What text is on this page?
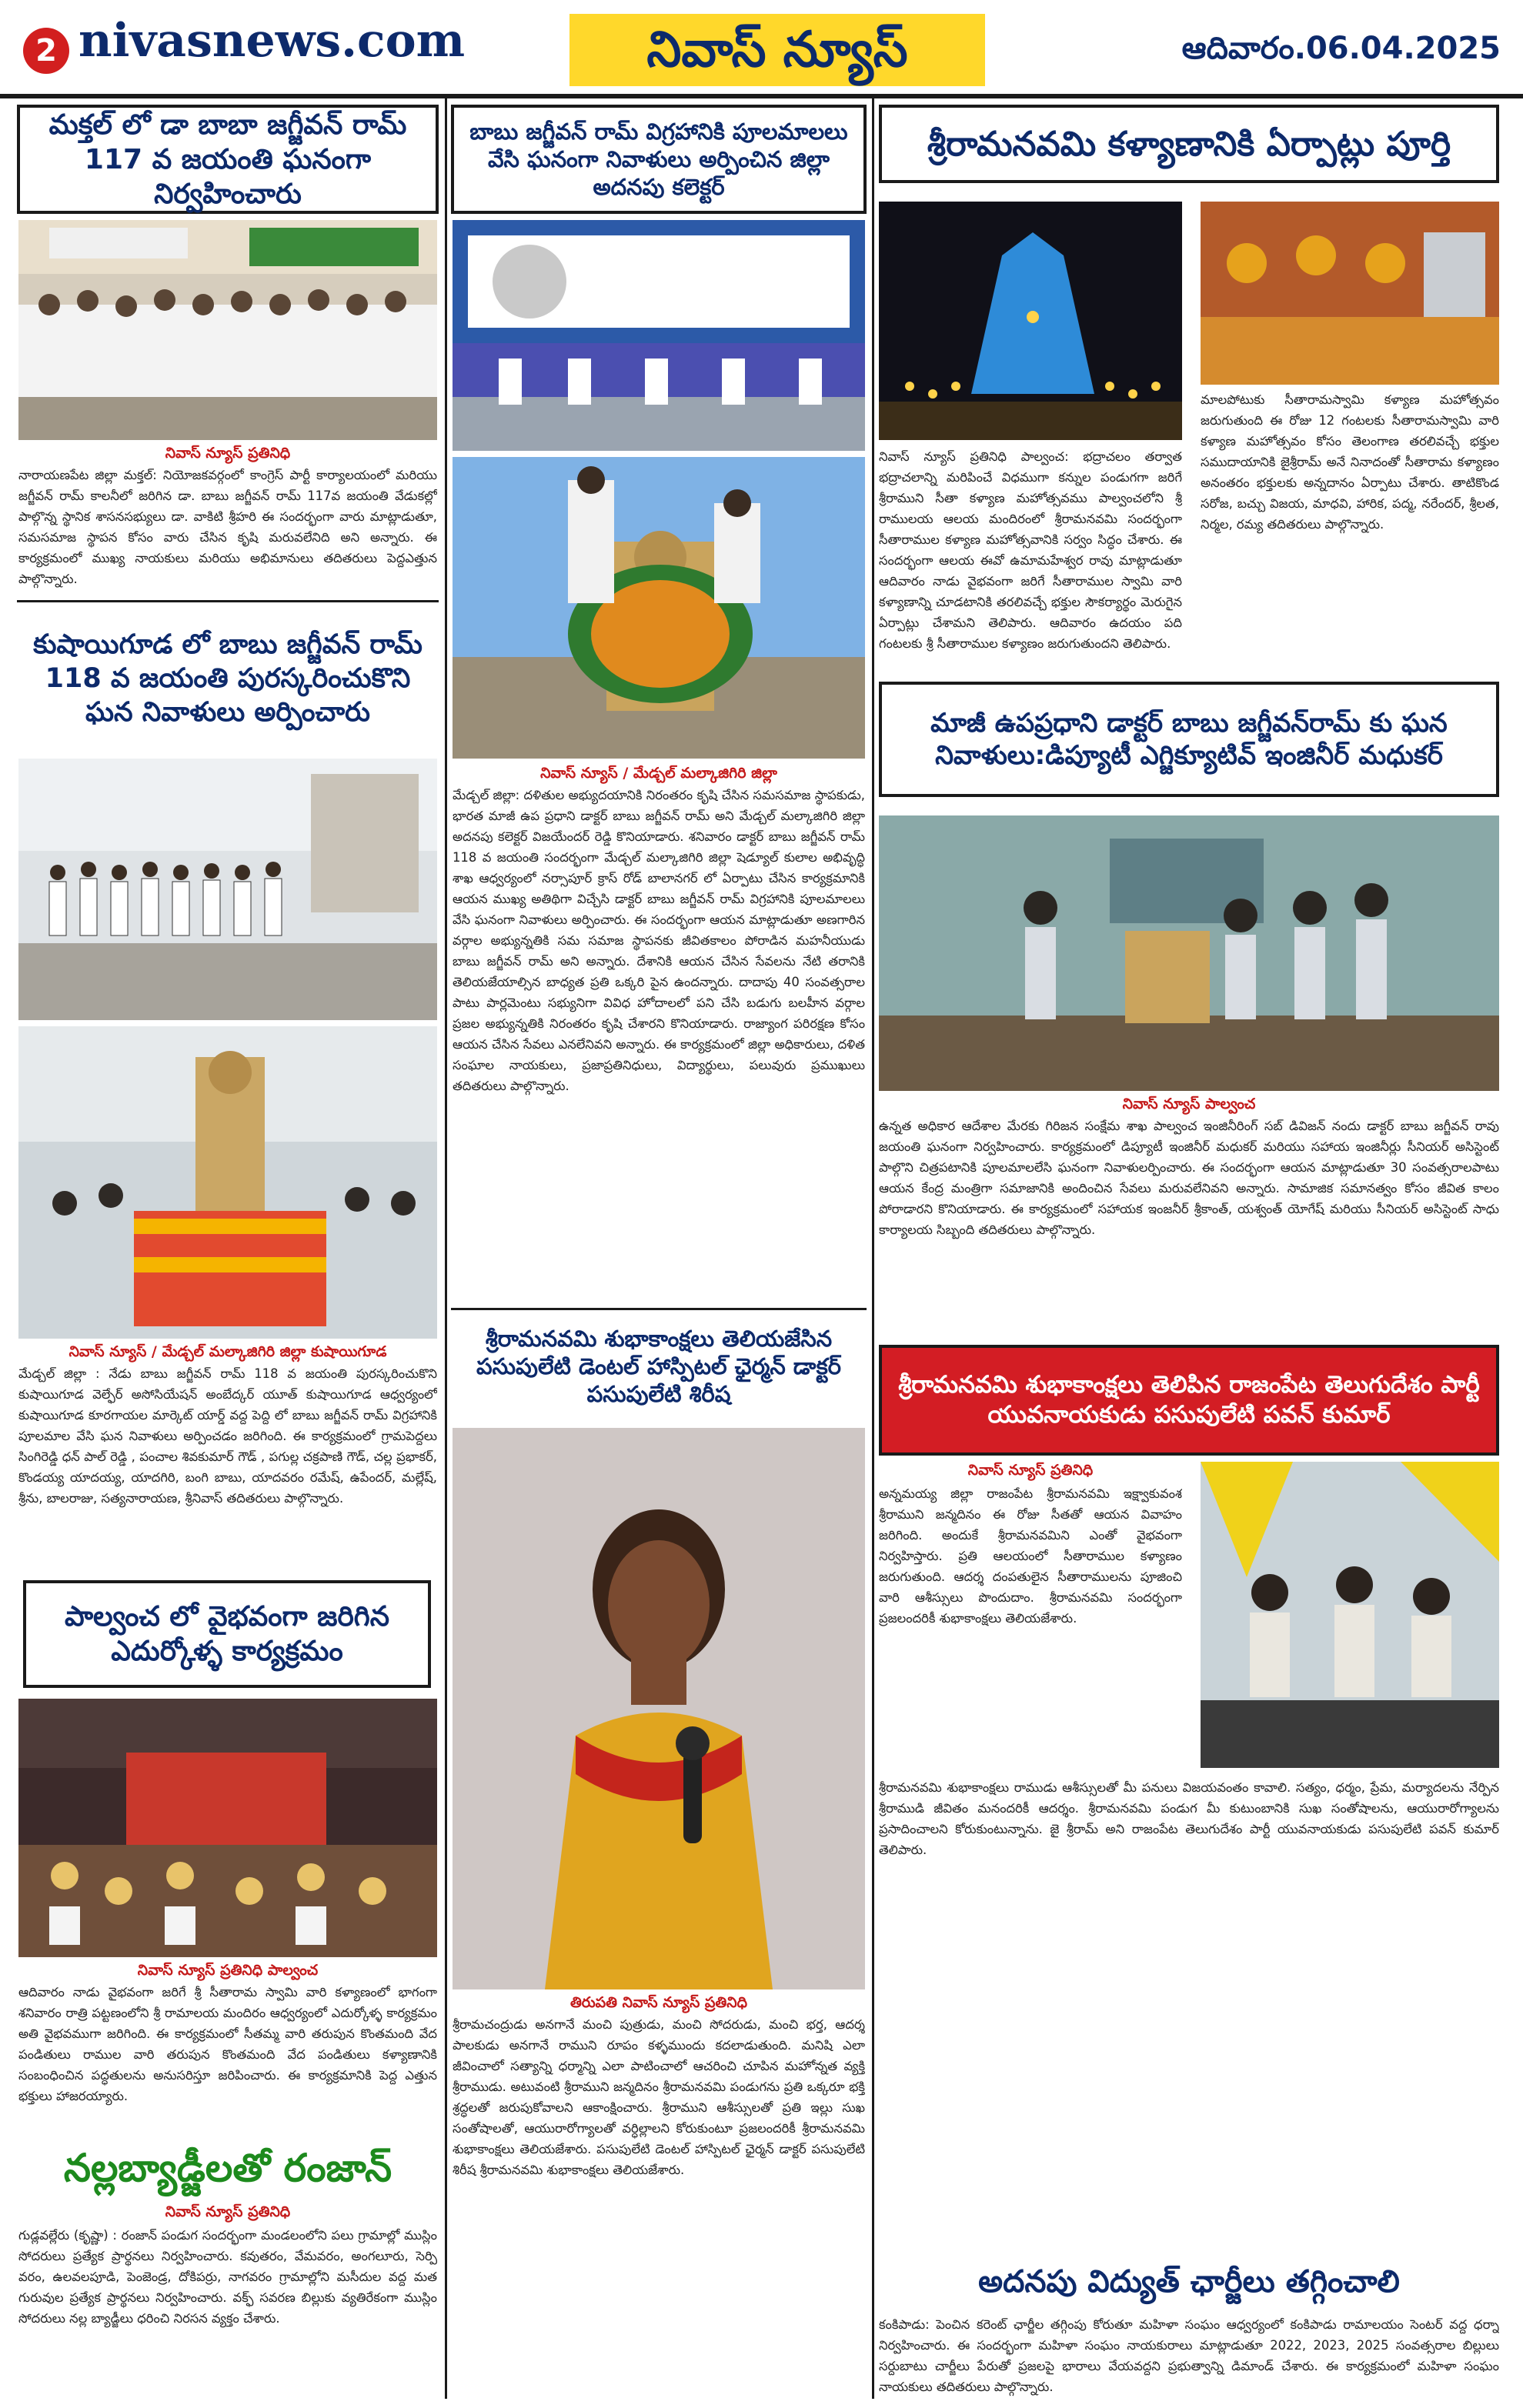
2 nivasnews.com	నివాస్ న్యూస్	ఆదివారం.06.04.2025
మక్తల్ లో డా బాబా జగ్జీవన్ రామ్ 117 వ జయంతి ఘనంగా నిర్వహించారు
నివాస్ న్యూస్ ప్రతినిధి
నారాయణపేట జిల్లా మక్తల్: నియోజకవర్గంలో కాంగ్రెస్ పార్టీ కార్యాలయంలో మరియు జగ్జీవన్ రామ్ కాలనీలో జరిగిన డా. బాబు జగ్జీవన్ రామ్ 117వ జయంతి వేడుకల్లో పాల్గొన్న స్థానిక శాసనసభ్యులు డా. వాకిటి శ్రీహరి ఈ సందర్భంగా వారు మాట్లాడుతూ, సమసమాజ స్థాపన కోసం వారు చేసిన కృషి మరువలేనిది అని అన్నారు. ఈ కార్యక్రమంలో ముఖ్య నాయకులు మరియు అభిమానులు తదితరులు పెద్దఎత్తున పాల్గొన్నారు.
కుషాయిగూడ లో బాబు జగ్జీవన్ రామ్ 118 వ జయంతి పురస్కరించుకొని ఘన నివాళులు అర్పించారు
నివాస్ న్యూస్ / మేడ్చల్ మల్కాజిగిరి జిల్లా కుషాయిగూడ
మేడ్చల్ జిల్లా : నేడు బాబు జగ్జీవన్ రామ్ 118 వ జయంతి పురస్కరించుకొని కుషాయిగూడ వెల్ఫేర్ అసోసియేషన్ అంబేద్కర్ యూత్ కుషాయిగూడ ఆధ్వర్యంలో కుషాయిగూడ కూరగాయల మార్కెట్ యార్డ్ వద్ద పెద్ది లో బాబు జగ్జీవన్ రామ్ విగ్రహానికి పూలమాల వేసి ఘన నివాళులు అర్పించడం జరిగింది. ఈ కార్యక్రమంలో గ్రామపెద్దలు సింగిరెడ్డి ధన్ పాల్ రెడ్డి , పంచాల శివకుమార్ గౌడ్ , పగుల్ల చక్రపాణి గౌడ్, చల్ల ప్రభాకర్, కొండయ్య యాదయ్య, యాదగిరి, బంగి బాబు, యాదవరం రమేష్, ఉపేందర్, మల్లేష్, శ్రీను, బాలరాజు, సత్యనారాయణ, శ్రీనివాస్ తదితరులు పాల్గొన్నారు.
పాల్వంచ లో వైభవంగా జరిగిన ఎదుర్కోళ్ళ కార్యక్రమం
నివాస్ న్యూస్ ప్రతినిధి పాల్వంచ
ఆదివారం నాడు వైభవంగా జరిగే శ్రీ సీతారామ స్వామి వారి కళ్యాణంలో భాగంగా శనివారం రాత్రి పట్టణంలోని శ్రీ రామాలయ మందిరం ఆధ్వర్యంలో ఎదుర్కోళ్ళ కార్యక్రమం అతి వైభవముగా జరిగింది. ఈ కార్యక్రమంలో సీతమ్మ వారి తరుపున కొంతమంది వేద పండితులు రాముల వారి తరుపున కొంతమంది వేద పండితులు కళ్యాణానికి సంబంధించిన పద్ధతులను అనుసరిస్తూ జరిపించారు. ఈ కార్యక్రమానికి పెద్ద ఎత్తున భక్తులు హాజరయ్యారు.
నల్లబ్యాడ్జీలతో రంజాన్
నివాస్ న్యూస్ ప్రతినిధి
గుడ్లవల్లేరు (కృష్ణా) : రంజాన్ పండుగ సందర్భంగా మండలంలోని పలు గ్రామాల్లో ముస్లిం సోదరులు ప్రత్యేక ప్రార్థనలు నిర్వహించారు. కవుతరం, వేమవరం, అంగలూరు, సెర్పి వరం, ఉలవలపూడి, పెంజెండ్ర, దోకిపర్రు, నాగవరం గ్రామాల్లోని మసీదుల వద్ద మత గురువుల ప్రత్యేక ప్రార్థనలు నిర్వహించారు. వక్ఫ్ సవరణ బిల్లుకు వ్యతిరేకంగా ముస్లిం సోదరులు నల్ల బ్యాడ్జీలు ధరించి నిరసన వ్యక్తం చేశారు.
బాబు జగ్జీవన్ రామ్ విగ్రహానికి పూలమాలలు వేసి ఘనంగా నివాళులు అర్పించిన జిల్లా అదనపు కలెక్టర్
నివాస్ న్యూస్ / మేడ్చల్ మల్కాజిగిరి జిల్లా
మేడ్చల్ జిల్లా: దళితుల అభ్యుదయానికి నిరంతరం కృషి చేసిన సమసమాజ స్థాపకుడు, భారత మాజీ ఉప ప్రధాని డాక్టర్ బాబు జగ్జీవన్ రామ్ అని మేడ్చల్ మల్కాజిగిరి జిల్లా అదనపు కలెక్టర్ విజయేందర్ రెడ్డి కొనియాడారు. శనివారం డాక్టర్ బాబు జగ్జీవన్ రామ్ 118 వ జయంతి సందర్భంగా మేడ్చల్ మల్కాజిగిరి జిల్లా షెడ్యూల్ కులాల అభివృద్ధి శాఖ ఆధ్వర్యంలో నర్సాపూర్ క్రాస్ రోడ్ బాలానగర్ లో ఏర్పాటు చేసిన కార్యక్రమానికి ఆయన ముఖ్య అతిథిగా విచ్చేసి డాక్టర్ బాబు జగ్జీవన్ రామ్ విగ్రహానికి పూలమాలలు వేసి ఘనంగా నివాళులు అర్పించారు. ఈ సందర్భంగా ఆయన మాట్లాడుతూ అణగారిన వర్గాల అభ్యున్నతికి సమ సమాజ స్థాపనకు జీవితకాలం పోరాడిన మహనీయుడు బాబు జగ్జీవన్ రామ్ అని అన్నారు. దేశానికి ఆయన చేసిన సేవలను నేటి తరానికి తెలియజేయాల్సిన బాధ్యత ప్రతి ఒక్కరి పైన ఉందన్నారు. దాదాపు 40 సంవత్సరాల పాటు పార్లమెంటు సభ్యునిగా వివిధ హోదాలలో పని చేసి బడుగు బలహీన వర్గాల ప్రజల అభ్యున్నతికి నిరంతరం కృషి చేశారని కొనియాడారు. రాజ్యాంగ పరిరక్షణ కోసం ఆయన చేసిన సేవలు ఎనలేనివని అన్నారు. ఈ కార్యక్రమంలో జిల్లా అధికారులు, దళిత సంఘాల నాయకులు, ప్రజాప్రతినిధులు, విద్యార్థులు, పలువురు ప్రముఖులు తదితరులు పాల్గొన్నారు.
శ్రీరామనవమి శుభాకాంక్షలు తెలియజేసిన పసుపులేటి డెంటల్ హాస్పిటల్ ఛైర్మన్ డాక్టర్ పసుపులేటి శిరీష
తిరుపతి నివాస్ న్యూస్ ప్రతినిధి
శ్రీరామచంద్రుడు అనగానే మంచి పుత్రుడు, మంచి సోదరుడు, మంచి భర్త, ఆదర్శ పాలకుడు అనగానే రాముని రూపం కళ్ళముందు కదలాడుతుంది. మనిషి ఎలా జీవించాలో సత్యాన్ని ధర్మాన్ని ఎలా పాటించాలో ఆచరించి చూపిన మహోన్నత వ్యక్తి శ్రీరాముడు. అటువంటి శ్రీరాముని జన్మదినం శ్రీరామనవమి పండుగను ప్రతి ఒక్కరూ భక్తి శ్రద్ధలతో జరుపుకోవాలని ఆకాంక్షించారు. శ్రీరాముని ఆశీస్సులతో ప్రతి ఇల్లు సుఖ సంతోషాలతో, ఆయురారోగ్యాలతో వర్ధిల్లాలని కోరుకుంటూ ప్రజలందరికీ శ్రీరామనవమి శుభాకాంక్షలు తెలియజేశారు. పసుపులేటి డెంటల్ హాస్పిటల్ ఛైర్మన్ డాక్టర్ పసుపులేటి శిరీష శ్రీరామనవమి శుభాకాంక్షలు తెలియజేశారు.
శ్రీరామనవమి కళ్యాణానికి ఏర్పాట్లు పూర్తి
నివాస్ న్యూస్ ప్రతినిధి పాల్వంచ: భద్రాచలం తర్వాత భద్రాచలాన్ని మరిపించే విధముగా కన్నుల పండుగగా జరిగే శ్రీరాముని సీతా కళ్యాణ మహోత్సవము పాల్వంచలోని శ్రీ రాములయ ఆలయ మందిరంలో శ్రీరామనవమి సందర్భంగా సీతారాముల కళ్యాణ మహోత్సవానికి సర్వం సిద్ధం చేశారు. ఈ సందర్భంగా ఆలయ ఈవో ఉమామహేశ్వర రావు మాట్లాడుతూ ఆదివారం నాడు వైభవంగా జరిగే సీతారాముల స్వామి వారి కళ్యాణాన్ని చూడటానికి తరలివచ్చే భక్తుల సౌకర్యార్థం మెరుగైన ఏర్పాట్లు చేశామని తెలిపారు. ఆదివారం ఉదయం పది గంటలకు శ్రీ సీతారాముల కళ్యాణం జరుగుతుందని తెలిపారు.
మాలపోటుకు సీతారామస్వామి కళ్యాణ మహోత్సవం జరుగుతుంది ఈ రోజు 12 గంటలకు సీతారామస్వామి వారి కళ్యాణ మహోత్సవం కోసం తెలంగాణ తరలివచ్చే భక్తుల సముదాయానికి జైశ్రీరామ్ అనే నినాదంతో సీతారామ కళ్యాణం అనంతరం భక్తులకు అన్నదానం ఏర్పాటు చేశారు. తాటికొండ సరోజ, బచ్చు విజయ, మాధవి, హారిక, పద్మ, నరేందర్, శ్రీలత, నిర్మల, రమ్య తదితరులు పాల్గొన్నారు.
మాజీ ఉపప్రధాని డాక్టర్ బాబు జగ్జీవన్‌రామ్ కు ఘన నివాళులు:డిప్యూటీ ఎగ్జిక్యూటివ్ ఇంజినీర్ మధుకర్
నివాస్ న్యూస్ పాల్వంచ
ఉన్నత అధికార ఆదేశాల మేరకు గిరిజన సంక్షేమ శాఖ పాల్వంచ ఇంజినీరింగ్ సబ్ డివిజన్ నందు డాక్టర్ బాబు జగ్జీవన్ రావు జయంతి ఘనంగా నిర్వహించారు. కార్యక్రమంలో డిప్యూటీ ఇంజినీర్ మధుకర్ మరియు సహాయ ఇంజినీర్లు సీనియర్ అసిస్టెంట్ పాల్గొని చిత్రపటానికి పూలమాలలేసి ఘనంగా నివాళులర్పించారు. ఈ సందర్భంగా ఆయన మాట్లాడుతూ 30 సంవత్సరాలపాటు ఆయన కేంద్ర మంత్రిగా సమాజానికి అందించిన సేవలు మరువలేనివని అన్నారు. సామాజిక సమానత్వం కోసం జీవిత కాలం పోరాడారని కొనియాడారు. ఈ కార్యక్రమంలో సహాయక ఇంజనీర్ శ్రీకాంత్, యశ్వంత్ యోగేష్ మరియు సీనియర్ అసిస్టెంట్ సాధు కార్యాలయ సిబ్బంది తదితరులు పాల్గొన్నారు.
శ్రీరామనవమి శుభాకాంక్షలు తెలిపిన రాజంపేట తెలుగుదేశం పార్టీ యువనాయకుడు పసుపులేటి పవన్ కుమార్
నివాస్ న్యూస్ ప్రతినిధి
అన్నమయ్య జిల్లా రాజంపేట శ్రీరామనవమి ఇక్ష్వాకువంశ శ్రీరాముని జన్మదినం ఈ రోజు సీతతో ఆయన వివాహం జరిగింది. అందుకే శ్రీరామనవమిని ఎంతో వైభవంగా నిర్వహిస్తారు. ప్రతి ఆలయంలో సీతారాముల కళ్యాణం జరుగుతుంది. ఆదర్శ దంపతులైన సీతారాములను పూజించి వారి ఆశీస్సులు పొందుదాం. శ్రీరామనవమి సందర్భంగా ప్రజలందరికీ శుభాకాంక్షలు తెలియజేశారు.
శ్రీరామనవమి శుభాకాంక్షలు రాముడు ఆశీస్సులతో మీ పనులు విజయవంతం కావాలి. సత్యం, ధర్మం, ప్రేమ, మర్యాదలను నేర్పిన శ్రీరాముడి జీవితం మనందరికీ ఆదర్శం. శ్రీరామనవమి పండుగ మీ కుటుంబానికి సుఖ సంతోషాలను, ఆయురారోగ్యాలను ప్రసాదించాలని కోరుకుంటున్నాను. జై శ్రీరామ్ అని రాజంపేట తెలుగుదేశం పార్టీ యువనాయకుడు పసుపులేటి పవన్ కుమార్ తెలిపారు.
అదనపు విద్యుత్ ఛార్జీలు తగ్గించాలి
కంకిపాడు: పెంచిన కరెంట్ ఛార్జీల తగ్గింపు కోరుతూ మహిళా సంఘం ఆధ్వర్యంలో కంకిపాడు రామాలయం సెంటర్ వద్ద ధర్నా నిర్వహించారు. ఈ సందర్భంగా మహిళా సంఘం నాయకురాలు మాట్లాడుతూ 2022, 2023, 2025 సంవత్సరాల బిల్లులు సర్దుబాటు చార్జీలు పేరుతో ప్రజలపై భారాలు వేయవద్దని ప్రభుత్వాన్ని డిమాండ్ చేశారు. ఈ కార్యక్రమంలో మహిళా సంఘం నాయకులు తదితరులు పాల్గొన్నారు.
